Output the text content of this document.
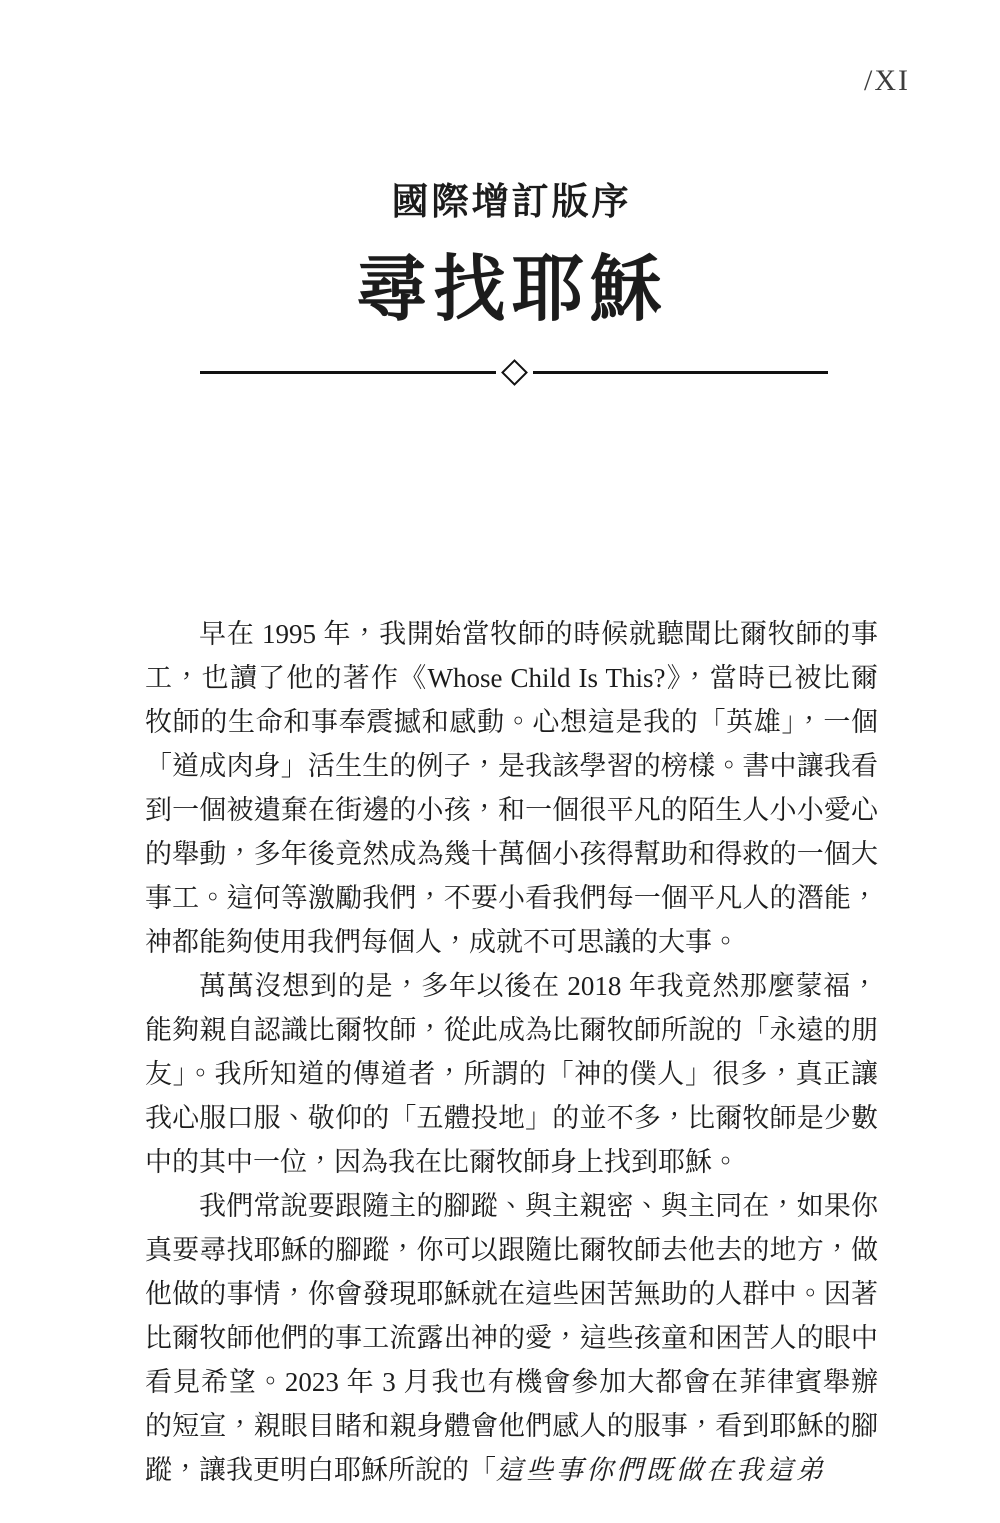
/XI
國際增訂版序
尋找耶穌

早在 1995 年，我開始當牧師的時候就聽聞比爾牧師的事工，也讀了他的著作《Whose Child Is This?》，當時已被比爾牧師的生命和事奉震撼和感動。心想這是我的「英雄」，一個「道成肉身」活生生的例子，是我該學習的榜樣。書中讓我看到一個被遺棄在街邊的小孩，和一個很平凡的陌生人小小愛心的舉動，多年後竟然成為幾十萬個小孩得幫助和得救的一個大事工。這何等激勵我們，不要小看我們每一個平凡人的潛能，神都能夠使用我們每個人，成就不可思議的大事。

萬萬沒想到的是，多年以後在 2018 年我竟然那麼蒙福，能夠親自認識比爾牧師，從此成為比爾牧師所說的「永遠的朋友」。我所知道的傳道者，所謂的「神的僕人」很多，真正讓我心服口服、敬仰的「五體投地」的並不多，比爾牧師是少數中的其中一位，因為我在比爾牧師身上找到耶穌。

我們常說要跟隨主的腳蹤、與主親密、與主同在，如果你真要尋找耶穌的腳蹤，你可以跟隨比爾牧師去他去的地方，做他做的事情，你會發現耶穌就在這些困苦無助的人群中。因著比爾牧師他們的事工流露出神的愛，這些孩童和困苦人的眼中看見希望。2023 年 3 月我也有機會參加大都會在菲律賓舉辦的短宣，親眼目睹和親身體會他們感人的服事，看到耶穌的腳蹤，讓我更明白耶穌所說的「這些事你們既做在我這弟
